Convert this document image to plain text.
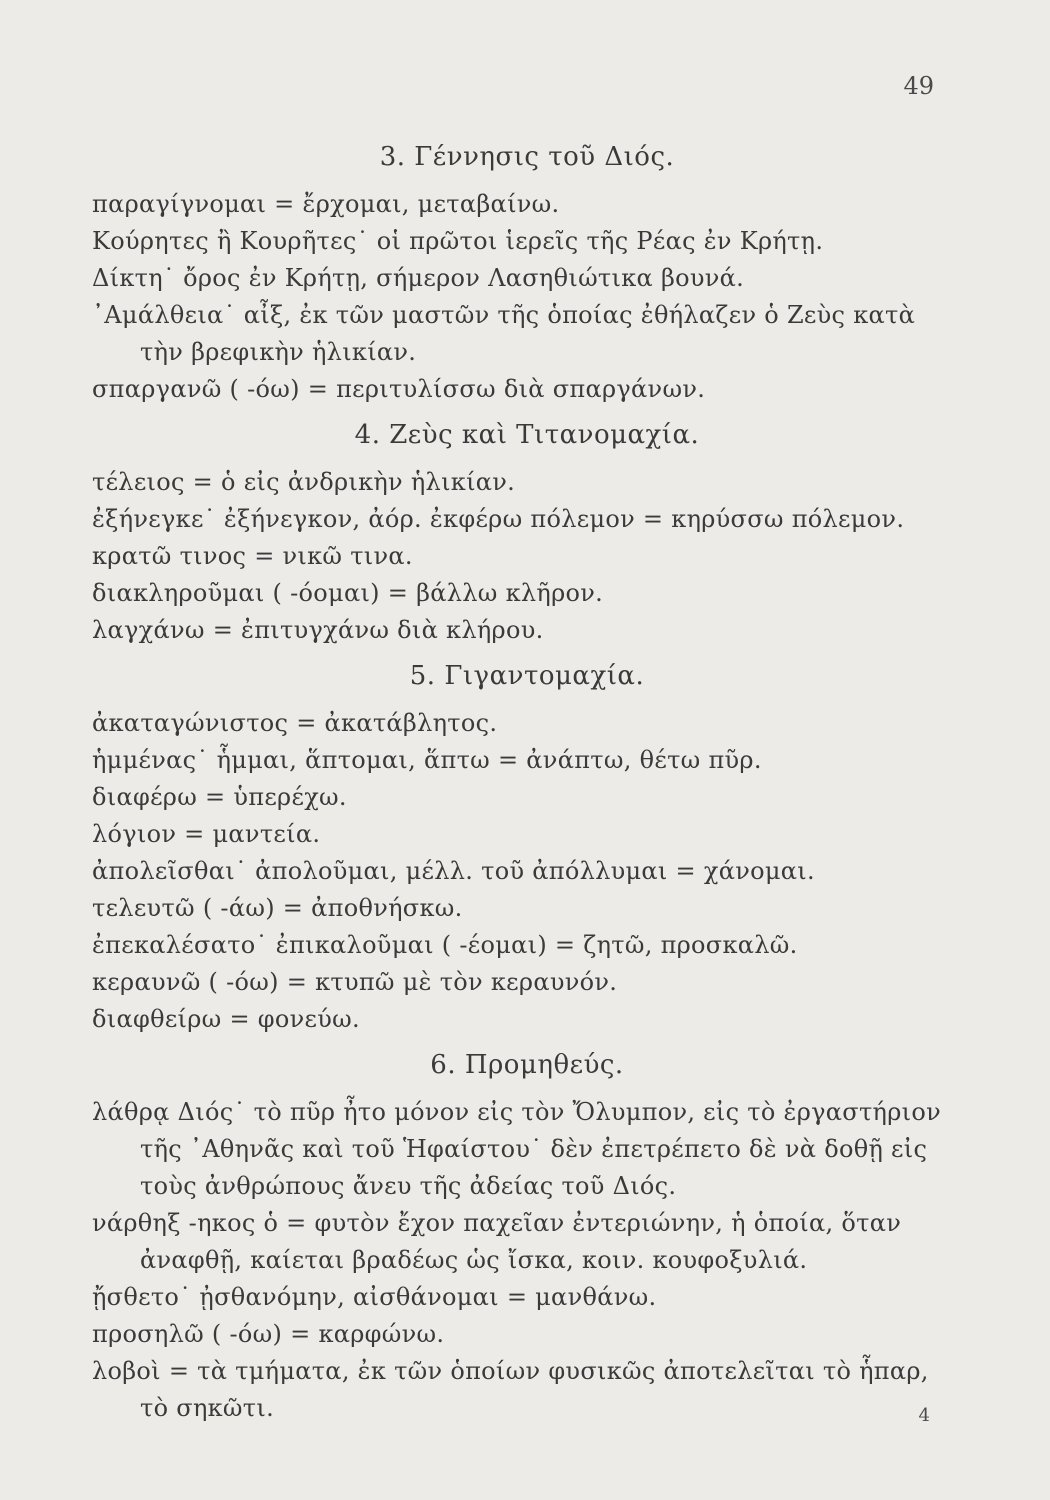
49
3. Γέννησις τοῦ Διός.

παραγίγνομαι = ἔρχομαι, μεταβαίνω.

Κούρητες ἢ Κουρῆτες˙ οἱ πρῶτοι ἱερεῖς τῆς Ρέας ἐν Κρήτῃ.

Δίκτη˙ ὄρος ἐν Κρήτῃ, σήμερον Λασηθιώτικα βουνά.

᾿Αμάλθεια˙ αἶξ, ἐκ τῶν μαστῶν τῆς ὁποίας ἐθήλαζεν ὁ Ζεὺς κατὰ τὴν βρεφικὴν ἡλικίαν.

σπαργανῶ ( -όω) = περιτυλίσσω διὰ σπαργάνων.

4. Ζεὺς καὶ Τιτανομαχία.

τέλειος = ὁ εἰς ἀνδρικὴν ἡλικίαν.

ἐξήνεγκε˙ ἐξήνεγκον, ἀόρ. ἐκφέρω πόλεμον = κηρύσσω πόλεμον.

κρατῶ τινος = νικῶ τινα.

διακληροῦμαι ( -όομαι) = βάλλω κλῆρον.

λαγχάνω = ἐπιτυγχάνω διὰ κλήρου.

5. Γιγαντομαχία.

ἀκαταγώνιστος = ἀκατάβλητος.

ἡμμένας˙ ἧμμαι, ἅπτομαι, ἅπτω = ἀνάπτω, θέτω πῦρ.

διαφέρω = ὑπερέχω.

λόγιον = μαντεία.

ἀπολεῖσθαι˙ ἀπολοῦμαι, μέλλ. τοῦ ἀπόλλυμαι = χάνομαι.

τελευτῶ ( -άω) = ἀποθνήσκω.

ἐπεκαλέσατο˙ ἐπικαλοῦμαι ( -έομαι) = ζητῶ, προσκαλῶ.

κεραυνῶ ( -όω) = κτυπῶ μὲ τὸν κεραυνόν.

διαφθείρω = φονεύω.

6. Προμηθεύς.

λάθρᾳ Διός˙ τὸ πῦρ ἦτο μόνον εἰς τὸν Ὄλυμπον, εἰς τὸ ἐργαστήριον τῆς ᾿Αθηνᾶς καὶ τοῦ Ἡφαίστου˙ δὲν ἐπετρέπετο δὲ νὰ δοθῇ εἰς τοὺς ἀνθρώπους ἄνευ τῆς ἀδείας τοῦ Διός.

νάρθηξ -ηκος ὁ = φυτὸν ἔχον παχεῖαν ἐντεριώνην, ἡ ὁποία, ὅταν ἀναφθῇ, καίεται βραδέως ὡς ἴσκα, κοιν. κουφοξυλιά.

ᾔσθετο˙ ᾐσθανόμην, αἰσθάνομαι = μανθάνω.

προσηλῶ ( -όω) = καρφώνω.

λοβοὶ = τὰ τμήματα, ἐκ τῶν ὁποίων φυσικῶς ἀποτελεῖται τὸ ἧπαρ, τὸ σηκῶτι.	4
